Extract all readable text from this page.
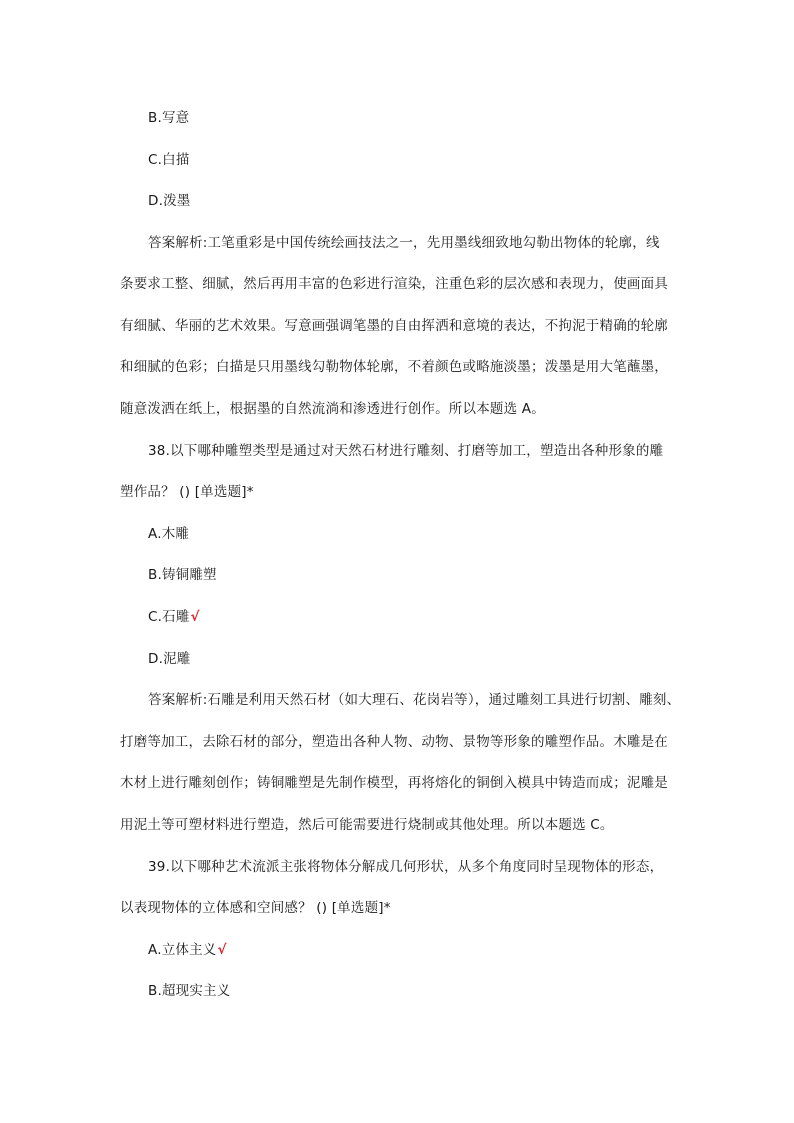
B.写意
C.白描
D.泼墨
答案解析:工笔重彩是中国传统绘画技法之一，先用墨线细致地勾勒出物体的轮廓，线
条要求工整、细腻，然后再用丰富的色彩进行渲染，注重色彩的层次感和表现力，使画面具
有细腻、华丽的艺术效果。写意画强调笔墨的自由挥洒和意境的表达，不拘泥于精确的轮廓
和细腻的色彩；白描是只用墨线勾勒物体轮廓，不着颜色或略施淡墨；泼墨是用大笔蘸墨，
随意泼洒在纸上，根据墨的自然流淌和渗透进行创作。所以本题选 A。
38.以下哪种雕塑类型是通过对天然石材进行雕刻、打磨等加工，塑造出各种形象的雕
塑作品？ () [单选题]*
A.木雕
B.铸铜雕塑
C.石雕√
D.泥雕
答案解析:石雕是利用天然石材（如大理石、花岗岩等），通过雕刻工具进行切割、雕刻、
打磨等加工，去除石材的部分，塑造出各种人物、动物、景物等形象的雕塑作品。木雕是在
木材上进行雕刻创作；铸铜雕塑是先制作模型，再将熔化的铜倒入模具中铸造而成；泥雕是
用泥土等可塑材料进行塑造，然后可能需要进行烧制或其他处理。所以本题选 C。
39.以下哪种艺术流派主张将物体分解成几何形状，从多个角度同时呈现物体的形态，
以表现物体的立体感和空间感？ () [单选题]*
A.立体主义√
B.超现实主义
